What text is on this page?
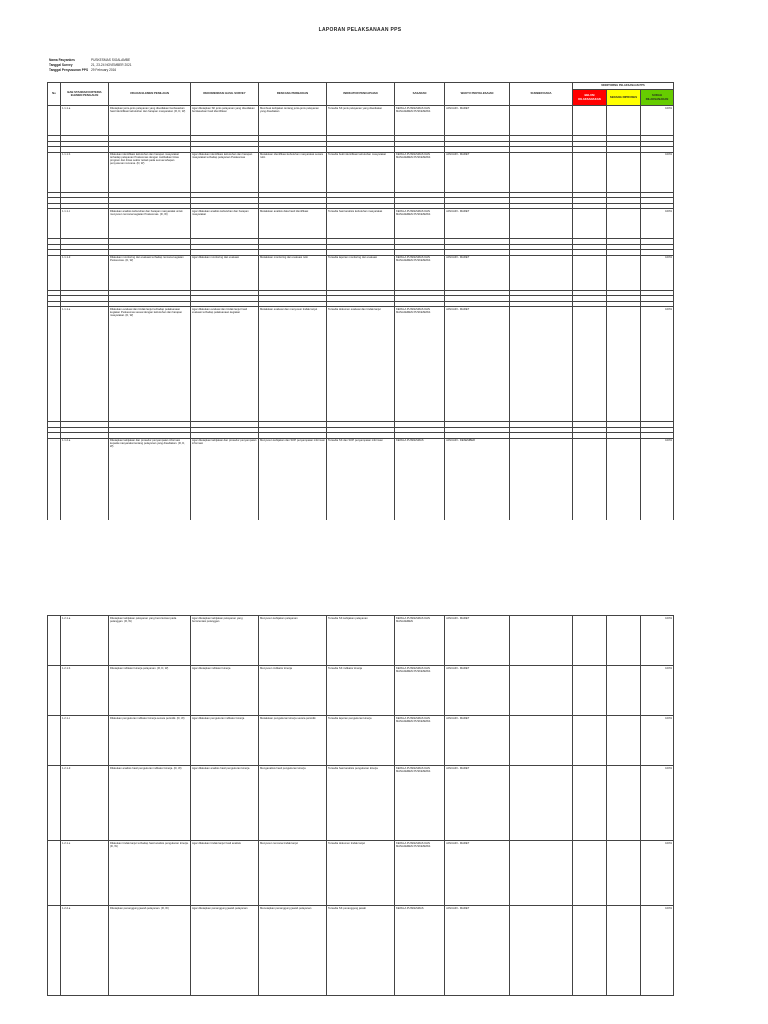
LAPORAN PELAKSANAAN PPS
Nama Fasyankes	PUSKESMAS SIGALAMBE
Tanggal Survey	21, 23-24 NOVEMBER 2021
Tanggal Penyusunan PPS 29 February 2016
No	BAB STANDAR KRITERIA ELEMEN PENILAIAN	URAIAN ELEMEN PENILAIAN	REKOMENDASI HASIL SURVEY	RENCANA PERBAIKAN	INDIKATOR PENCAPAIAN	SASARAN	WAKTU PENYELESAIAN	SUMBER DANA	MONITORING PELAKSANAAN PPS		
									BELUM DILAKSANAKAN	SEDANG DIPROSES	SUDAH DILAKSANAKAN
	1.1.1.a	Ditetapkan jenis-jenis pelayanan yang disediakan berdasarkan hasil identifikasi kebutuhan dan harapan masyarakat. (R, D, W)	Agar ditetapkan SK jenis pelayanan yang disediakan berdasarkan hasil identifikasi	Membuat kebijakan tentang jenis-jenis pelayanan yang disediakan	Tersedia SK jenis pelayanan yang disediakan	KEPALA PUSKESMAS DAN MANAJEMEN PUSKESMAS	JANUARI - MARET				100%

	1.1.1.b	Dilakukan identifikasi kebutuhan dan harapan masyarakat terhadap pelayanan Puskesmas dengan melibatkan lintas program dan lintas sektor terkait pada semua tahapan penyusunan rencana. (D, W)	Agar dilakukan identifikasi kebutuhan dan harapan masyarakat terhadap pelayanan Puskesmas	Melakukan identifikasi kebutuhan masyarakat secara rutin	Tersedia bukti identifikasi kebutuhan masyarakat	KEPALA PUSKESMAS DAN MANAJEMEN PUSKESMAS	JANUARI - MARET				100%

	1.1.1.c	Dilakukan analisis kebutuhan dan harapan masyarakat untuk menyusun rencana kegiatan Puskesmas. (D, W)	Agar dilakukan analisis kebutuhan dan harapan masyarakat	Melakukan analisis data hasil identifikasi	Tersedia hasil analisis kebutuhan masyarakat	KEPALA PUSKESMAS DAN MANAJEMEN PUSKESMAS	JANUARI - MARET				100%

	1.1.1.d	Dilakukan monitoring dan evaluasi terhadap rencana kegiatan Puskesmas. (D, W)	Agar dilakukan monitoring dan evaluasi	Melakukan monitoring dan evaluasi rutin	Tersedia laporan monitoring dan evaluasi	KEPALA PUSKESMAS DAN MANAJEMEN PUSKESMAS	JANUARI - MARET				100%

	1.1.1.e	Dilakukan evaluasi dan tindak lanjut terhadap pelaksanaan kegiatan Puskesmas sesuai dengan kebutuhan dan harapan masyarakat. (D, W)	Agar dilakukan evaluasi dan tindak lanjut hasil evaluasi terhadap pelaksanaan kegiatan	Melakukan evaluasi dan menyusun tindak lanjut	Tersedia dokumen evaluasi dan tindak lanjut	KEPALA PUSKESMAS DAN MANAJEMEN PUSKESMAS	JANUARI - MARET				100%

	1.1.2.a	Ditetapkan kebijakan dan prosedur penyampaian informasi kepada masyarakat tentang pelayanan yang disediakan. (R, D, W)	Agar ditetapkan kebijakan dan prosedur penyampaian informasi	Menyusun kebijakan dan SOP penyampaian informasi	Tersedia SK dan SOP penyampaian informasi	KEPALA PUSKESMAS	JANUARI - DESEMBER				100%

	1.2.1.a	Ditetapkan kebijakan pelayanan yang berorientasi pada pelanggan. (R, W)	Agar ditetapkan kebijakan pelayanan yang berorientasi pelanggan	Menyusun kebijakan pelayanan	Tersedia SK kebijakan pelayanan	KEPALA PUSKESMAS DAN MANAJEMEN	JANUARI - MARET				100%
	1.2.1.b	Ditetapkan indikator kinerja pelayanan. (R, D, W)	Agar ditetapkan indikator kinerja	Menyusun indikator kinerja	Tersedia SK indikator kinerja	KEPALA PUSKESMAS DAN MANAJEMEN PUSKESMAS	JANUARI - MARET				100%
	1.2.1.c	Dilakukan pengukuran indikator kinerja secara periodik. (D, W)	Agar dilakukan pengukuran indikator kinerja	Melakukan pengukuran kinerja secara periodik	Tersedia laporan pengukuran kinerja	KEPALA PUSKESMAS DAN MANAJEMEN PUSKESMAS	JANUARI - MARET				100%
	1.2.1.d	Dilakukan analisis hasil pengukuran indikator kinerja. (D, W)	Agar dilakukan analisis hasil pengukuran kinerja	Menganalisis hasil pengukuran kinerja	Tersedia hasil analisis pengukuran kinerja	KEPALA PUSKESMAS DAN MANAJEMEN PUSKESMAS	JANUARI - MARET				100%
	1.2.1.e	Dilakukan tindak lanjut terhadap hasil analisis pengukuran kinerja. (D, W)	Agar dilakukan tindak lanjut hasil analisis	Menyusun rencana tindak lanjut	Tersedia dokumen tindak lanjut	KEPALA PUSKESMAS DAN MANAJEMEN PUSKESMAS	JANUARI - MARET				100%
	1.2.2.a	Ditetapkan penanggung jawab pelayanan. (R, W)	Agar ditetapkan penanggung jawab pelayanan	Menetapkan penanggung jawab pelayanan	Tersedia SK penanggung jawab	KEPALA PUSKESMAS	JANUARI - MARET				100%
